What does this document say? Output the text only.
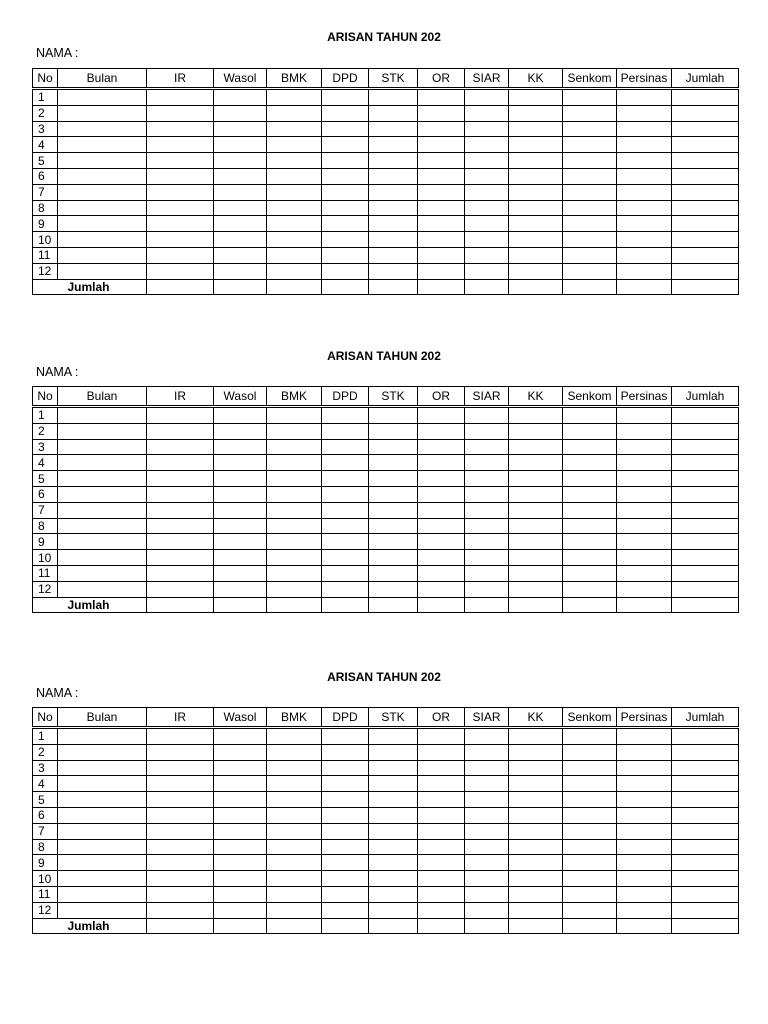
ARISAN TAHUN 202
NAMA :
No	Bulan	IR	Wasol	BMK	DPD	STK	OR	SIAR	KK	Senkom	Persinas	Jumlah
1												
2												
3												
4												
5												
6												
7												
8												
9												
10												
11												
12												
	Jumlah											
ARISAN TAHUN 202
NAMA :
No	Bulan	IR	Wasol	BMK	DPD	STK	OR	SIAR	KK	Senkom	Persinas	Jumlah
1												
2												
3												
4												
5												
6												
7												
8												
9												
10												
11												
12												
	Jumlah											
ARISAN TAHUN 202
NAMA :
No	Bulan	IR	Wasol	BMK	DPD	STK	OR	SIAR	KK	Senkom	Persinas	Jumlah
1												
2												
3												
4												
5												
6												
7												
8												
9												
10												
11												
12												
	Jumlah											
